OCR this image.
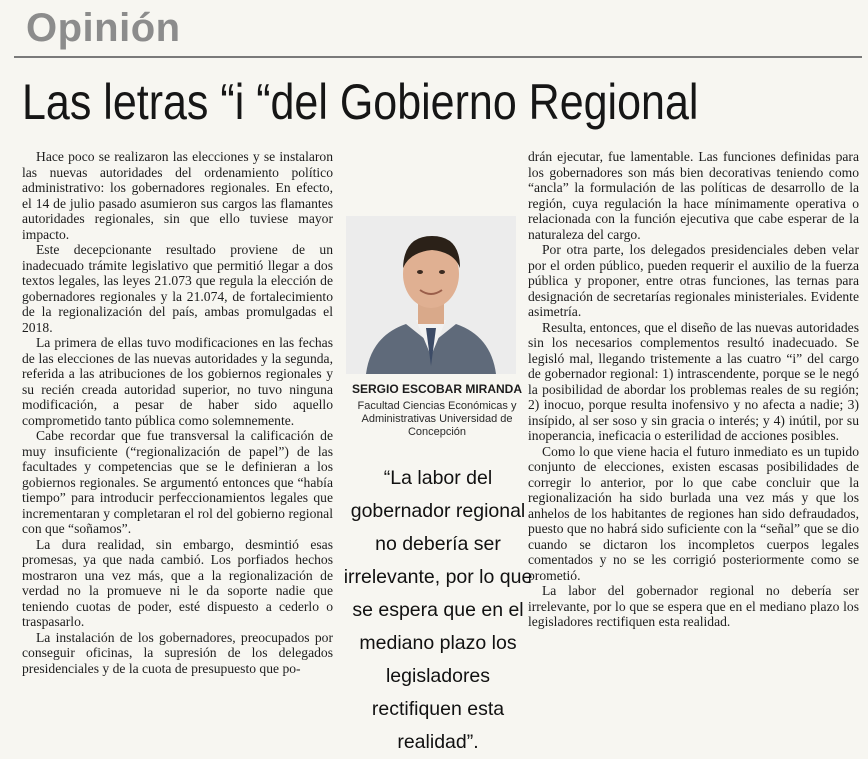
Opinión
Las letras “i “del Gobierno Regional

Hace poco se realizaron las elecciones y se instalaron las nuevas autoridades del ordenamiento político administrativo: los gobernadores regionales. En efecto, el 14 de julio pasado asumieron sus cargos las flamantes autoridades regionales, sin que ello tuviese mayor impacto.

Este decepcionante resultado proviene de un inadecuado trámite legislativo que permitió llegar a dos textos legales, las leyes 21.073 que regula la elección de gobernadores regionales y la 21.074, de fortalecimiento de la regionalización del país, ambas promulgadas el 2018.

La primera de ellas tuvo modificaciones en las fechas de las elecciones de las nuevas autoridades y la segunda, referida a las atribuciones de los gobiernos regionales y su recién creada autoridad superior, no tuvo ninguna modificación, a pesar de haber sido aquello comprometido tanto pública como solemnemente.

Cabe recordar que fue transversal la calificación de muy insuficiente (“regionalización de papel”) de las facultades y competencias que se le definieran a los gobiernos regionales. Se argumentó entonces que “había tiempo” para introducir perfeccionamientos legales que incrementaran y completaran el rol del gobierno regional con que “soñamos”.

La dura realidad, sin embargo, desmintió esas promesas, ya que nada cambió. Los porfiados hechos mostraron una vez más, que a la regionalización de verdad no la promueve ni le da soporte nadie que teniendo cuotas de poder, esté dispuesto a cederlo o traspasarlo.

La instalación de los gobernadores, preocupados por conseguir oficinas, la supresión de los delegados presidenciales y de la cuota de presupuesto que po-

drán ejecutar, fue lamentable. Las funciones definidas para los gobernadores son más bien decorativas teniendo como “ancla” la formulación de las políticas de desarrollo de la región, cuya regulación la hace mínimamente operativa o relacionada con la función ejecutiva que cabe esperar de la naturaleza del cargo.

Por otra parte, los delegados presidenciales deben velar por el orden público, pueden requerir el auxilio de la fuerza pública y proponer, entre otras funciones, las ternas para designación de secretarías regionales ministeriales. Evidente asimetría.

Resulta, entonces, que el diseño de las nuevas autoridades sin los necesarios complementos resultó inadecuado. Se legisló mal, llegando tristemente a las cuatro “i” del cargo de gobernador regional: 1) intrascendente, porque se le negó la posibilidad de abordar los problemas reales de su región; 2) inocuo, porque resulta inofensivo y no afecta a nadie; 3) insípido, al ser soso y sin gracia o interés; y 4) inútil, por su inoperancia, ineficacia o esterilidad de acciones posibles.

Como lo que viene hacia el futuro inmediato es un tupido conjunto de elecciones, existen escasas posibilidades de corregir lo anterior, por lo que cabe concluir que la regionalización ha sido burlada una vez más y que los anhelos de los habitantes de regiones han sido defraudados, puesto que no habrá sido suficiente con la “señal” que se dio cuando se dictaron los incompletos cuerpos legales comentados y no se les corrigió posteriormente como se prometió.

La labor del gobernador regional no debería ser irrelevante, por lo que se espera que en el mediano plazo los legisladores rectifiquen esta realidad.

SERGIO ESCOBAR MIRANDA
Facultad Ciencias Económicas y Administrativas Universidad de Concepción
“La labor del gobernador regional no debería ser irrelevante, por lo que se espera que en el mediano plazo los legisladores rectifiquen esta realidad”.
